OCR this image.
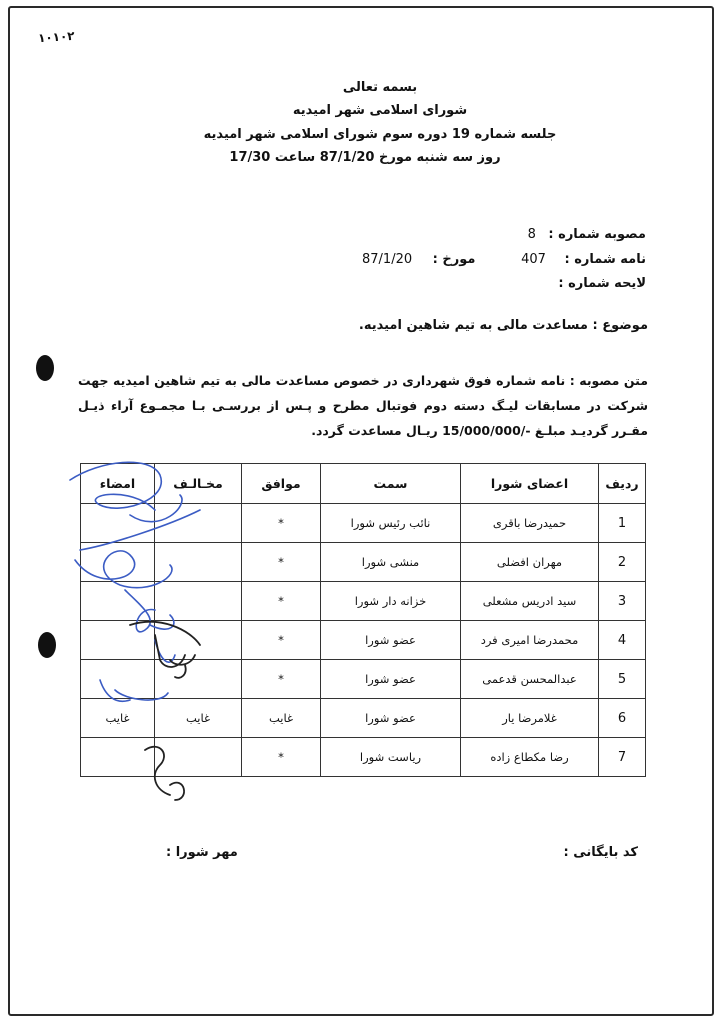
۱۰۱۰۲
بسمه تعالی
شورای اسلامی شهر امیدیه
جلسه شماره 19 دوره سوم شورای اسلامی شهر امیدیه
روز سه شنبه مورخ 87/1/20 ساعت 17/30
مصوبه شماره : 8
نامه شماره : 407
مورخ : 87/1/20
لایحه شماره :
موضوع : مساعدت مالی به تیم شاهین امیدیه.
متن مصوبه : نامه شماره فوق شهرداری در خصوص مساعدت مالی به تیم شاهین امیدیه جهت شرکت در مسابقات لیـگ دسته دوم فوتبال مطرح و پـس از بررسـی بـا مجمـوع آراء ذیـل مقـرر گردیـد مبلـغ -/15/000/000 ریـال مساعدت گردد.
ردیف	اعضای شورا	سمت	موافق	مخـالـف	امضاء
1	حمیدرضا باقری	نائب رئیس شورا	*		
2	مهران افضلی	منشی شورا	*		
3	سید ادریس مشعلی	خزانه دار شورا	*		
4	محمدرضا امیری فرد	عضو شورا	*		
5	عبدالمحسن قدعمی	عضو شورا	*		
6	غلامرضا یار	عضو شورا	غایب	غایب	غایب
7	رضا مکطاع زاده	ریاست شورا	*		
کد بایگانی :
مهر شورا :
